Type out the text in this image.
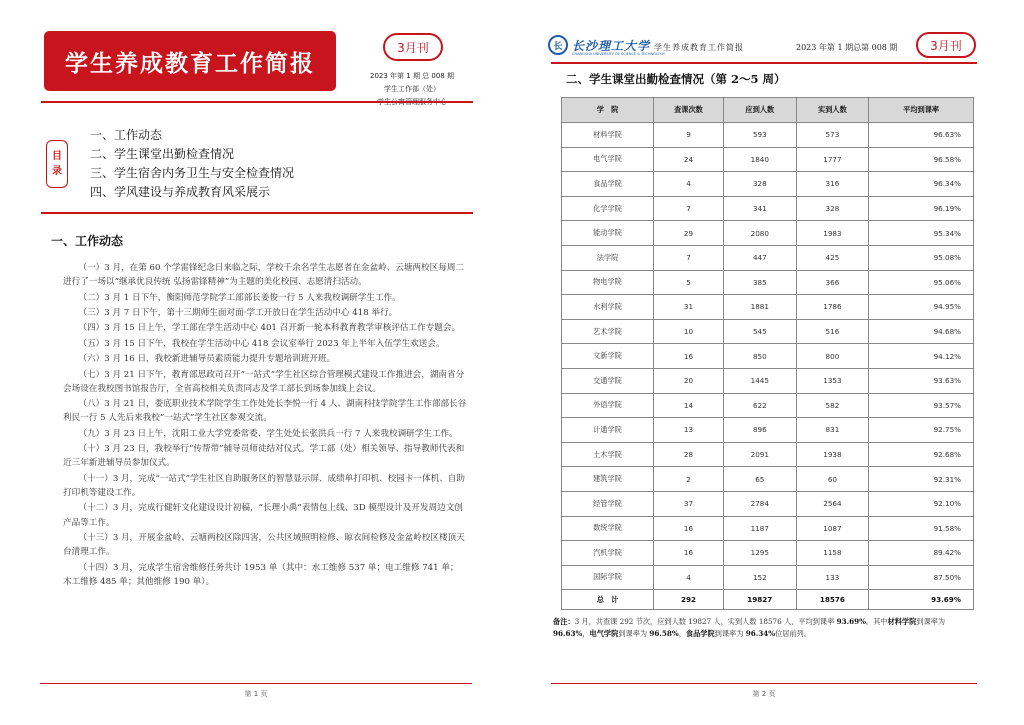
学生养成教育工作简报
3月刊
2023 年第 1 期 总 008 期
学生工作部（处）
目
录
一、工作动态
二、学生课堂出勤检查情况
三、学生宿舍内务卫生与安全检查情况
四、学风建设与养成教育风采展示
一、工作动态

（一）3 月，在第 60 个学雷锋纪念日来临之际，学校千余名学生志愿者在金盆岭、云塘两校区每周二进行了一场以“继承优良传统 弘扬雷锋精神”为主题的美化校园、志愿清扫活动。

（二）3 月 1 日下午，衡阳师范学院学工部部长姜俊一行 5 人来我校调研学生工作。

（三）3 月 7 日下午，第十三期师生面对面·学工开放日在学生活动中心 418 举行。

（四）3 月 15 日上午，学工部在学生活动中心 401 召开新一轮本科教育教学审核评估工作专题会。

（五）3 月 15 日下午，我校在学生活动中心 418 会议室举行 2023 年上半年入伍学生欢送会。

（六）3 月 16 日，我校新进辅导员素质能力提升专题培训班开班。

（七）3 月 21 日下午，教育部思政司召开“一站式”学生社区综合管理模式建设工作推进会，湖南省分会场设在我校图书馆报告厅，全省高校相关负责同志及学工部长到场参加线上会议。

（八）3 月 21 日，娄底职业技术学院学生工作处处长李悦一行 4 人、湖南科技学院学生工作部部长谷利民一行 5 人先后来我校“一站式”学生社区参观交流。

（九）3 月 23 日上午，沈阳工业大学党委常委、学生处处长张洪兵一行 7 人来我校调研学生工作。

（十）3 月 23 日，我校举行“传帮带”辅导员师徒结对仪式。学工部（处）相关领导、指导教师代表和近三年新进辅导员参加仪式。

（十一）3 月，完成“一站式”学生社区自助服务区的智慧显示屏、成绩单打印机、校园卡一体机、自助打印机等建设工作。

（十二）3 月，完成行健轩文化建设设计初稿，“长理小禹”表情包上线、3D 模型设计及开发周边文创产品等工作。

（十三）3 月，开展金盆岭、云塘两校区除四害，公共区域照明检修、晾衣间检修及金盆岭校区楼顶天台清理工作。

（十四）3 月，完成学生宿舍维修任务共计 1953 单（其中：水工维修 537 单；电工维修 741 单；木工维修 485 单；其他维修 190 单）。

第 1 页
长 长沙理工大学
CHANGSHA UNIVERSITY OF SCIENCE & TECHNOLOGY
学生养成教育工作简报	2023 年第 1 期总第 008 期	3月刊
二、学生课堂出勤检查情况（第 2～5 周）
学　院	查课次数	应到人数	实到人数	平均到课率
材料学院	9	593	573	96.63%
电气学院	24	1840	1777	96.58%
食品学院	4	328	316	96.34%
化学学院	7	341	328	96.19%
能动学院	29	2080	1983	95.34%
法学院	7	447	425	95.08%
物电学院	5	385	366	95.06%
水利学院	31	1881	1786	94.95%
艺术学院	10	545	516	94.68%
文新学院	16	850	800	94.12%
交通学院	20	1445	1353	93.63%
外语学院	14	622	582	93.57%
计通学院	13	896	831	92.75%
土木学院	28	2091	1938	92.68%
建筑学院	2	65	60	92.31%
经管学院	37	2784	2564	92.10%
数统学院	16	1187	1087	91.58%
汽机学院	16	1295	1158	89.42%
国际学院	4	152	133	87.50%
总　计	292	19827	18576	93.69%
备注：3 月，共查课 292 节次，应到人数 19827 人，实到人数 18576 人，平均到课率 93.69%。其中材料学院到课率为 96.63%，电气学院到课率为 96.58%，食品学院到课率为 96.34%位居前列。
第 2 页
